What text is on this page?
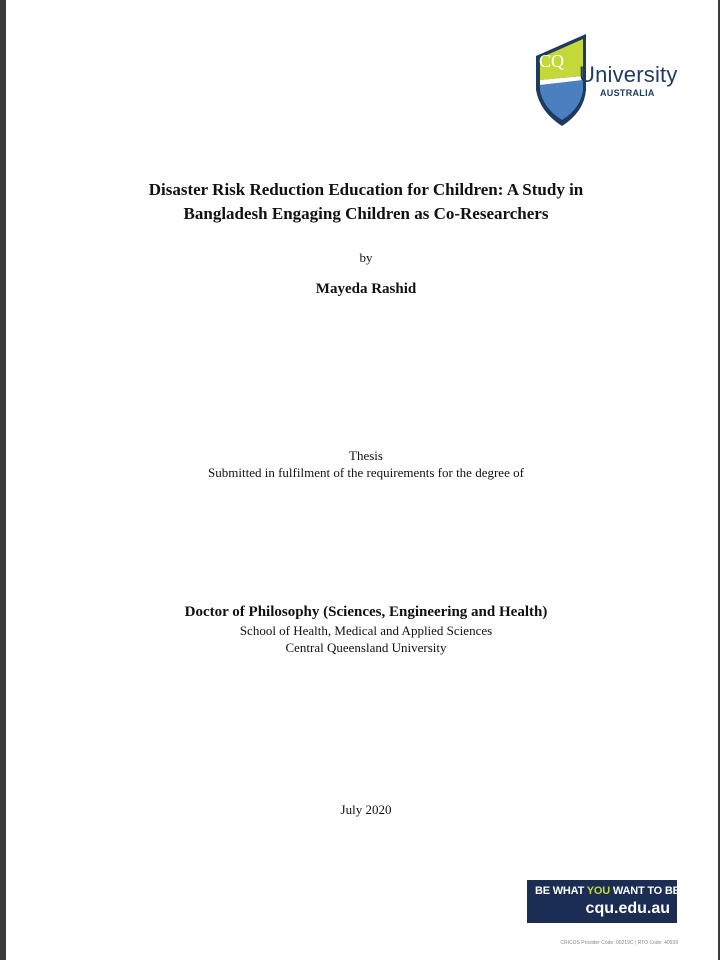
CQ
University
AUSTRALIA
Disaster Risk Reduction Education for Children: A Study in
Bangladesh Engaging Children as Co-Researchers
by
Mayeda Rashid
Thesis
Submitted in fulfilment of the requirements for the degree of
Doctor of Philosophy (Sciences, Engineering and Health)
School of Health, Medical and Applied Sciences
Central Queensland University
July 2020
BE WHAT YOU WANT TO BE
cqu.edu.au
CRICOS Provider Code: 00219C | RTO Code: 40939
